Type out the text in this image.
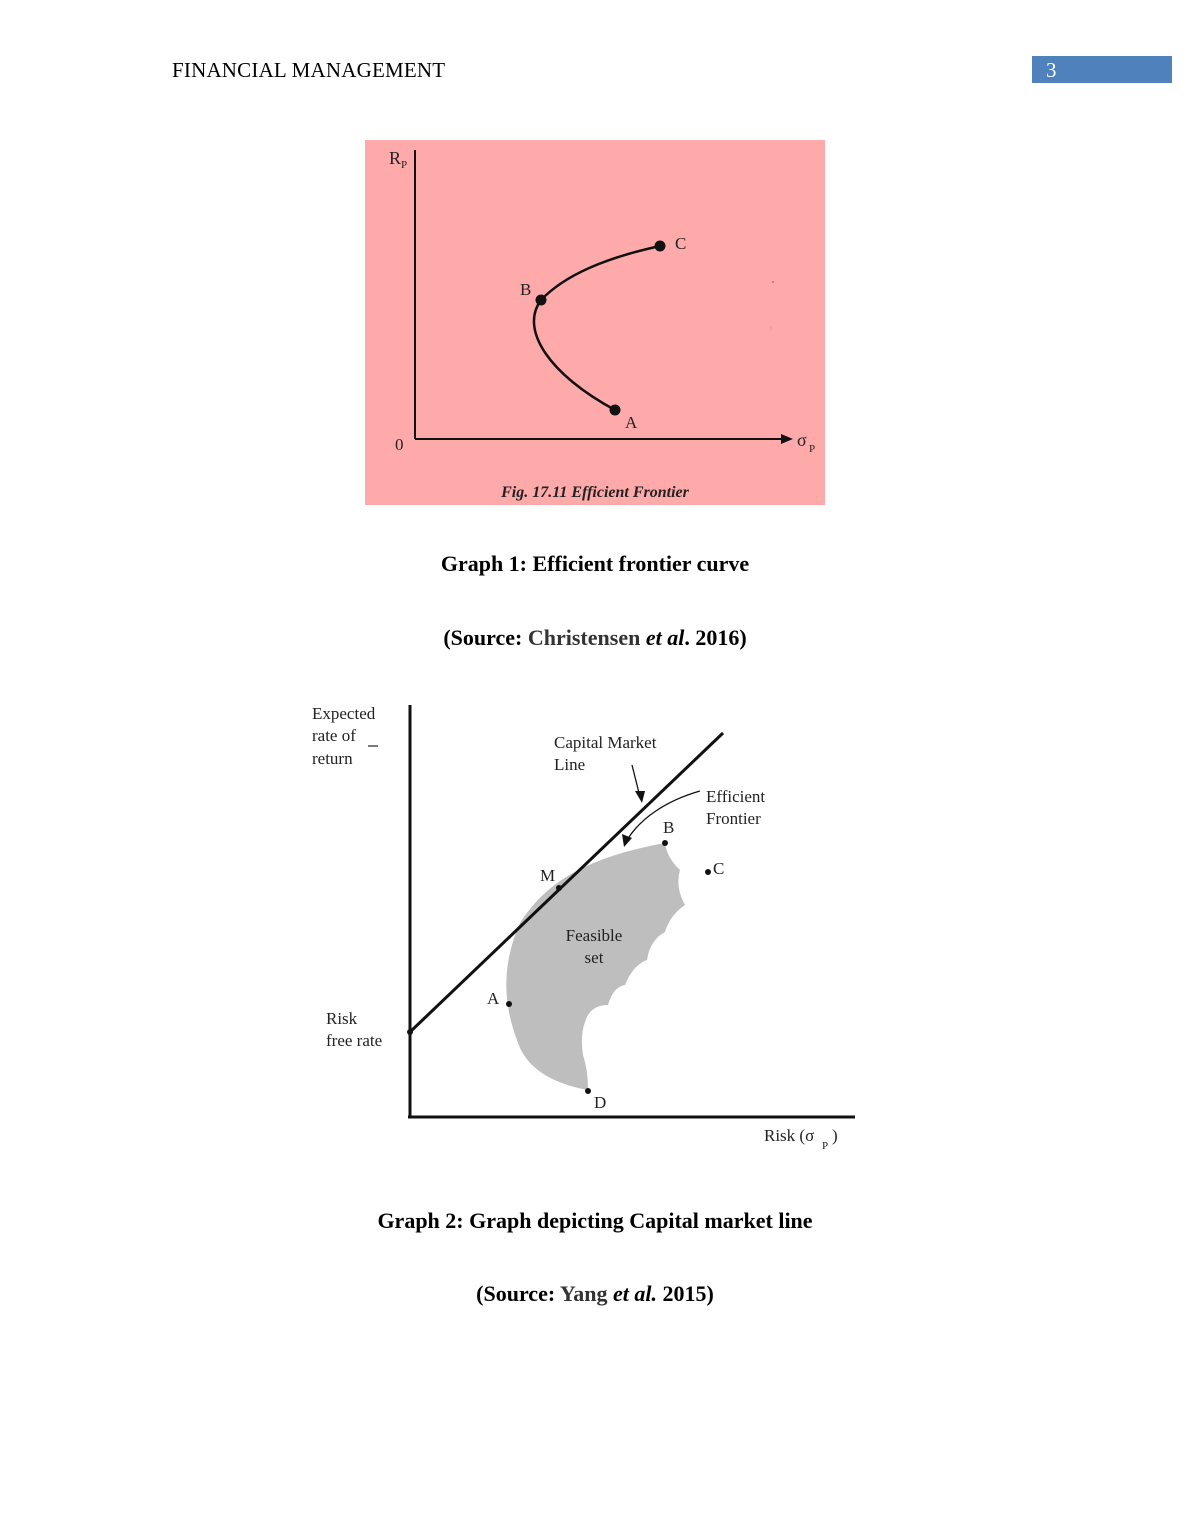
FINANCIAL MANAGEMENT	3
R P
σ P
0
C
B
A
Fig. 17.11 Efficient Frontier
Graph 1: Efficient frontier curve
(Source: Christensen et al. 2016)
Expected
rate of
return
Capital Market
Line
Efficient
Frontier
Risk
free rate
Feasible
set
M
A
B
C
D
Risk (σ
P
)
Graph 2: Graph depicting Capital market line
(Source: Yang et al. 2015)
